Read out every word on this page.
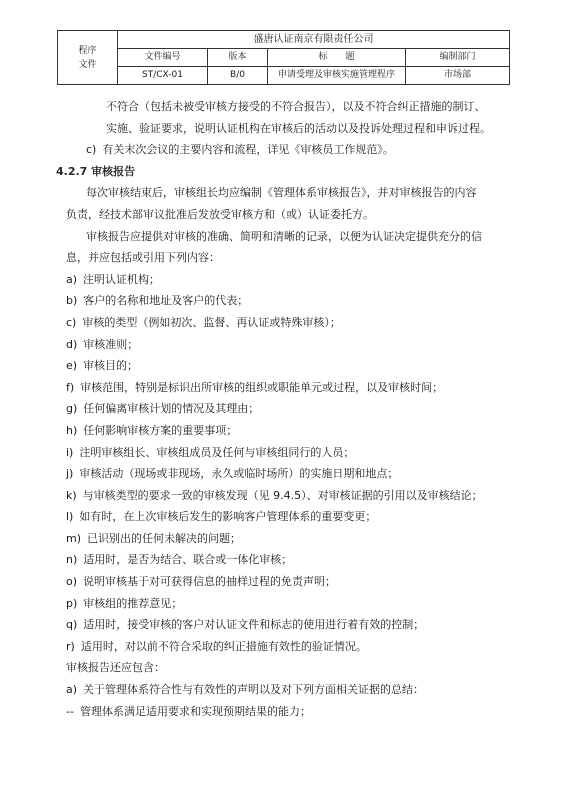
程序
文件	盛唐认证南京有限责任公司			
	文件编号	版本	标　　题	编制部门
	ST/CX-01	B/0	申请受理及审核实施管理程序	市场部
不符合（包括未被受审核方接受的不符合报告），以及不符合纠正措施的制订、
实施、验证要求，说明认证机构在审核后的活动以及投诉处理过程和申诉过程。
c) 有关末次会议的主要内容和流程，详见《审核员工作规范》。
4.2.7 审核报告
每次审核结束后，审核组长均应编制《管理体系审核报告》，并对审核报告的内容
负责，经技术部审议批准后发放受审核方和（或）认证委托方。
审核报告应提供对审核的准确、简明和清晰的记录，以便为认证决定提供充分的信
息，并应包括或引用下列内容：
a) 注明认证机构；
b) 客户的名称和地址及客户的代表；
c) 审核的类型（例如初次、监督、再认证或特殊审核）；
d) 审核准则；
e) 审核目的；
f) 审核范围，特别是标识出所审核的组织或职能单元或过程，以及审核时间；
g) 任何偏离审核计划的情况及其理由；
h) 任何影响审核方案的重要事项；
i) 注明审核组长、审核组成员及任何与审核组同行的人员；
j) 审核活动（现场或非现场，永久或临时场所）的实施日期和地点；
k) 与审核类型的要求一致的审核发现（见 9.4.5）、对审核证据的引用以及审核结论；
l) 如有时，在上次审核后发生的影响客户管理体系的重要变更；
m) 已识别出的任何未解决的问题；
n) 适用时，是否为结合、联合或一体化审核；
o) 说明审核基于对可获得信息的抽样过程的免责声明；
p) 审核组的推荐意见；
q) 适用时，接受审核的客户对认证文件和标志的使用进行着有效的控制；
r) 适用时，对以前不符合采取的纠正措施有效性的验证情况。
审核报告还应包含：
a) 关于管理体系符合性与有效性的声明以及对下列方面相关证据的总结：
-- 管理体系满足适用要求和实现预期结果的能力；
